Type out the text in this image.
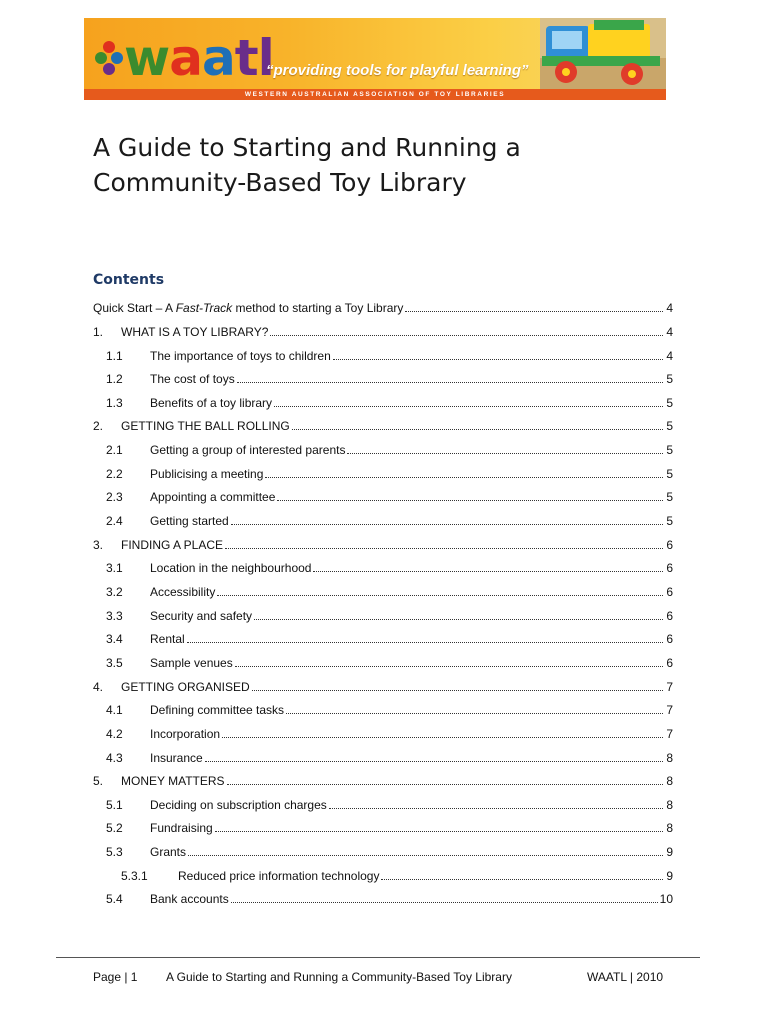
waatl
“providing tools for playful learning”
WESTERN AUSTRALIAN ASSOCIATION OF TOY LIBRARIES
A Guide to Starting and Running a
Community-Based Toy Library
Contents
Quick Start – A Fast-Track method to starting a Toy Library	4
1.	WHAT IS A TOY LIBRARY?	4
1.1	The importance of toys to children	4
1.2	The cost of toys	5
1.3	Benefits of a toy library	5
2.	GETTING THE BALL ROLLING	5
2.1	Getting a group of interested parents	5
2.2	Publicising a meeting	5
2.3	Appointing a committee	5
2.4	Getting started	5
3.	FINDING A PLACE	6
3.1	Location in the neighbourhood	6
3.2	Accessibility	6
3.3	Security and safety	6
3.4	Rental	6
3.5	Sample venues	6
4.	GETTING ORGANISED	7
4.1	Defining committee tasks	7
4.2	Incorporation	7
4.3	Insurance	8
5.	MONEY MATTERS	8
5.1	Deciding on subscription charges	8
5.2	Fundraising	8
5.3	Grants	9
5.3.1	Reduced price information technology	9
5.4	Bank accounts	10
Page | 1 A Guide to Starting and Running a Community-Based Toy Library	WAATL | 2010
